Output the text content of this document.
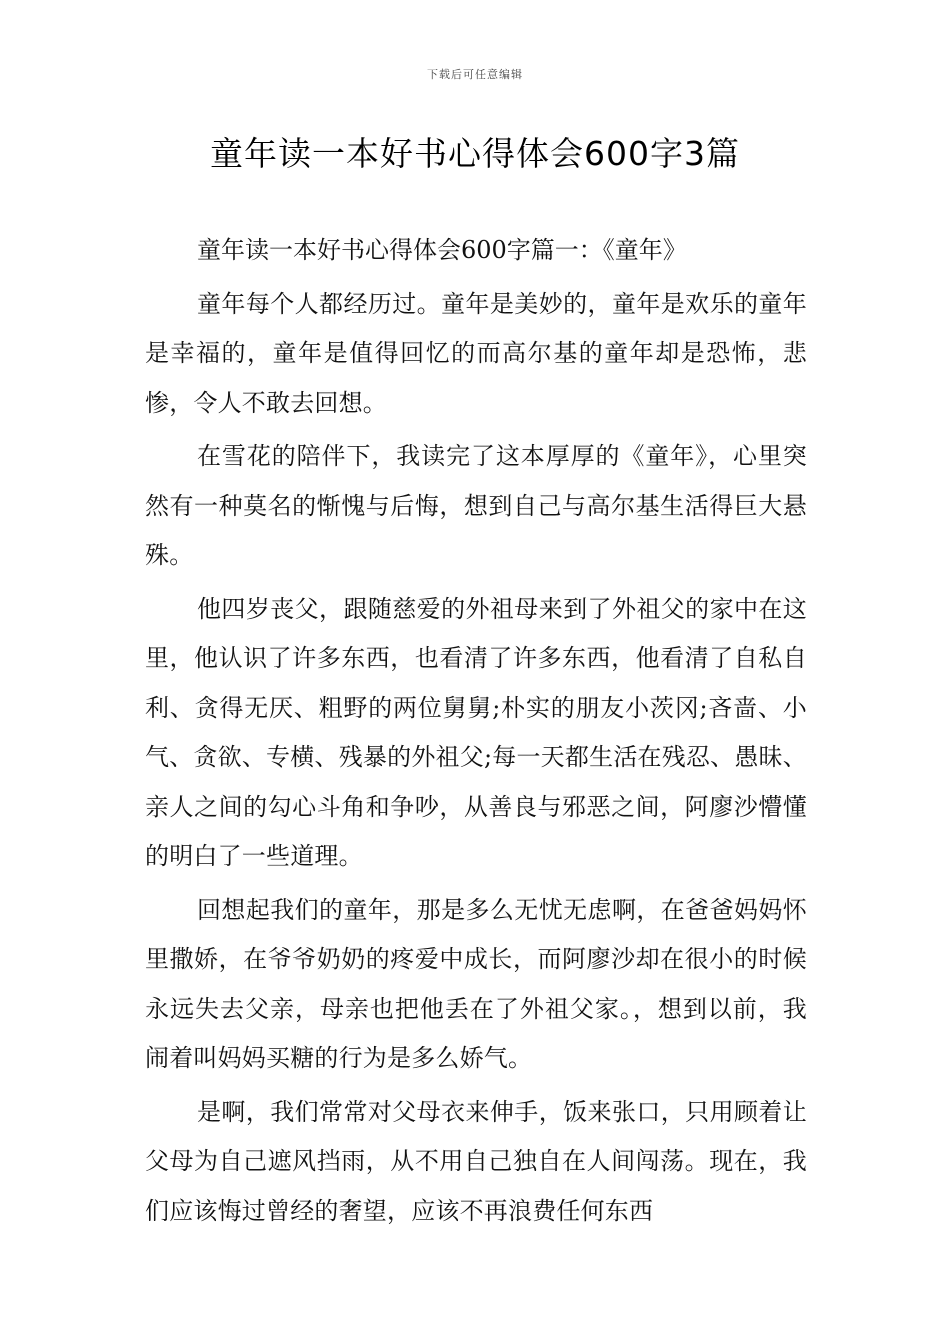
下载后可任意编辑
童年读一本好书心得体会600字3篇

童年读一本好书心得体会600字篇一：《童年》

童年每个人都经历过。童年是美妙的，童年是欢乐的童年是幸福的，童年是值得回忆的而高尔基的童年却是恐怖，悲惨，令人不敢去回想。

在雪花的陪伴下，我读完了这本厚厚的《童年》，心里突然有一种莫名的惭愧与后悔，想到自己与高尔基生活得巨大悬殊。

他四岁丧父，跟随慈爱的外祖母来到了外祖父的家中在这里，他认识了许多东西，也看清了许多东西，他看清了自私自利、贪得无厌、粗野的两位舅舅;朴实的朋友小茨冈;吝啬、小气、贪欲、专横、残暴的外祖父;每一天都生活在残忍、愚昧、亲人之间的勾心斗角和争吵，从善良与邪恶之间，阿廖沙懵懂的明白了一些道理。

回想起我们的童年，那是多么无忧无虑啊，在爸爸妈妈怀里撒娇，在爷爷奶奶的疼爱中成长，而阿廖沙却在很小的时候永远失去父亲，母亲也把他丢在了外祖父家。，想到以前，我闹着叫妈妈买糖的行为是多么娇气。

是啊，我们常常对父母衣来伸手，饭来张口，只用顾着让父母为自己遮风挡雨，从不用自己独自在人间闯荡。现在，我们应该悔过曾经的奢望，应该不再浪费任何东西
